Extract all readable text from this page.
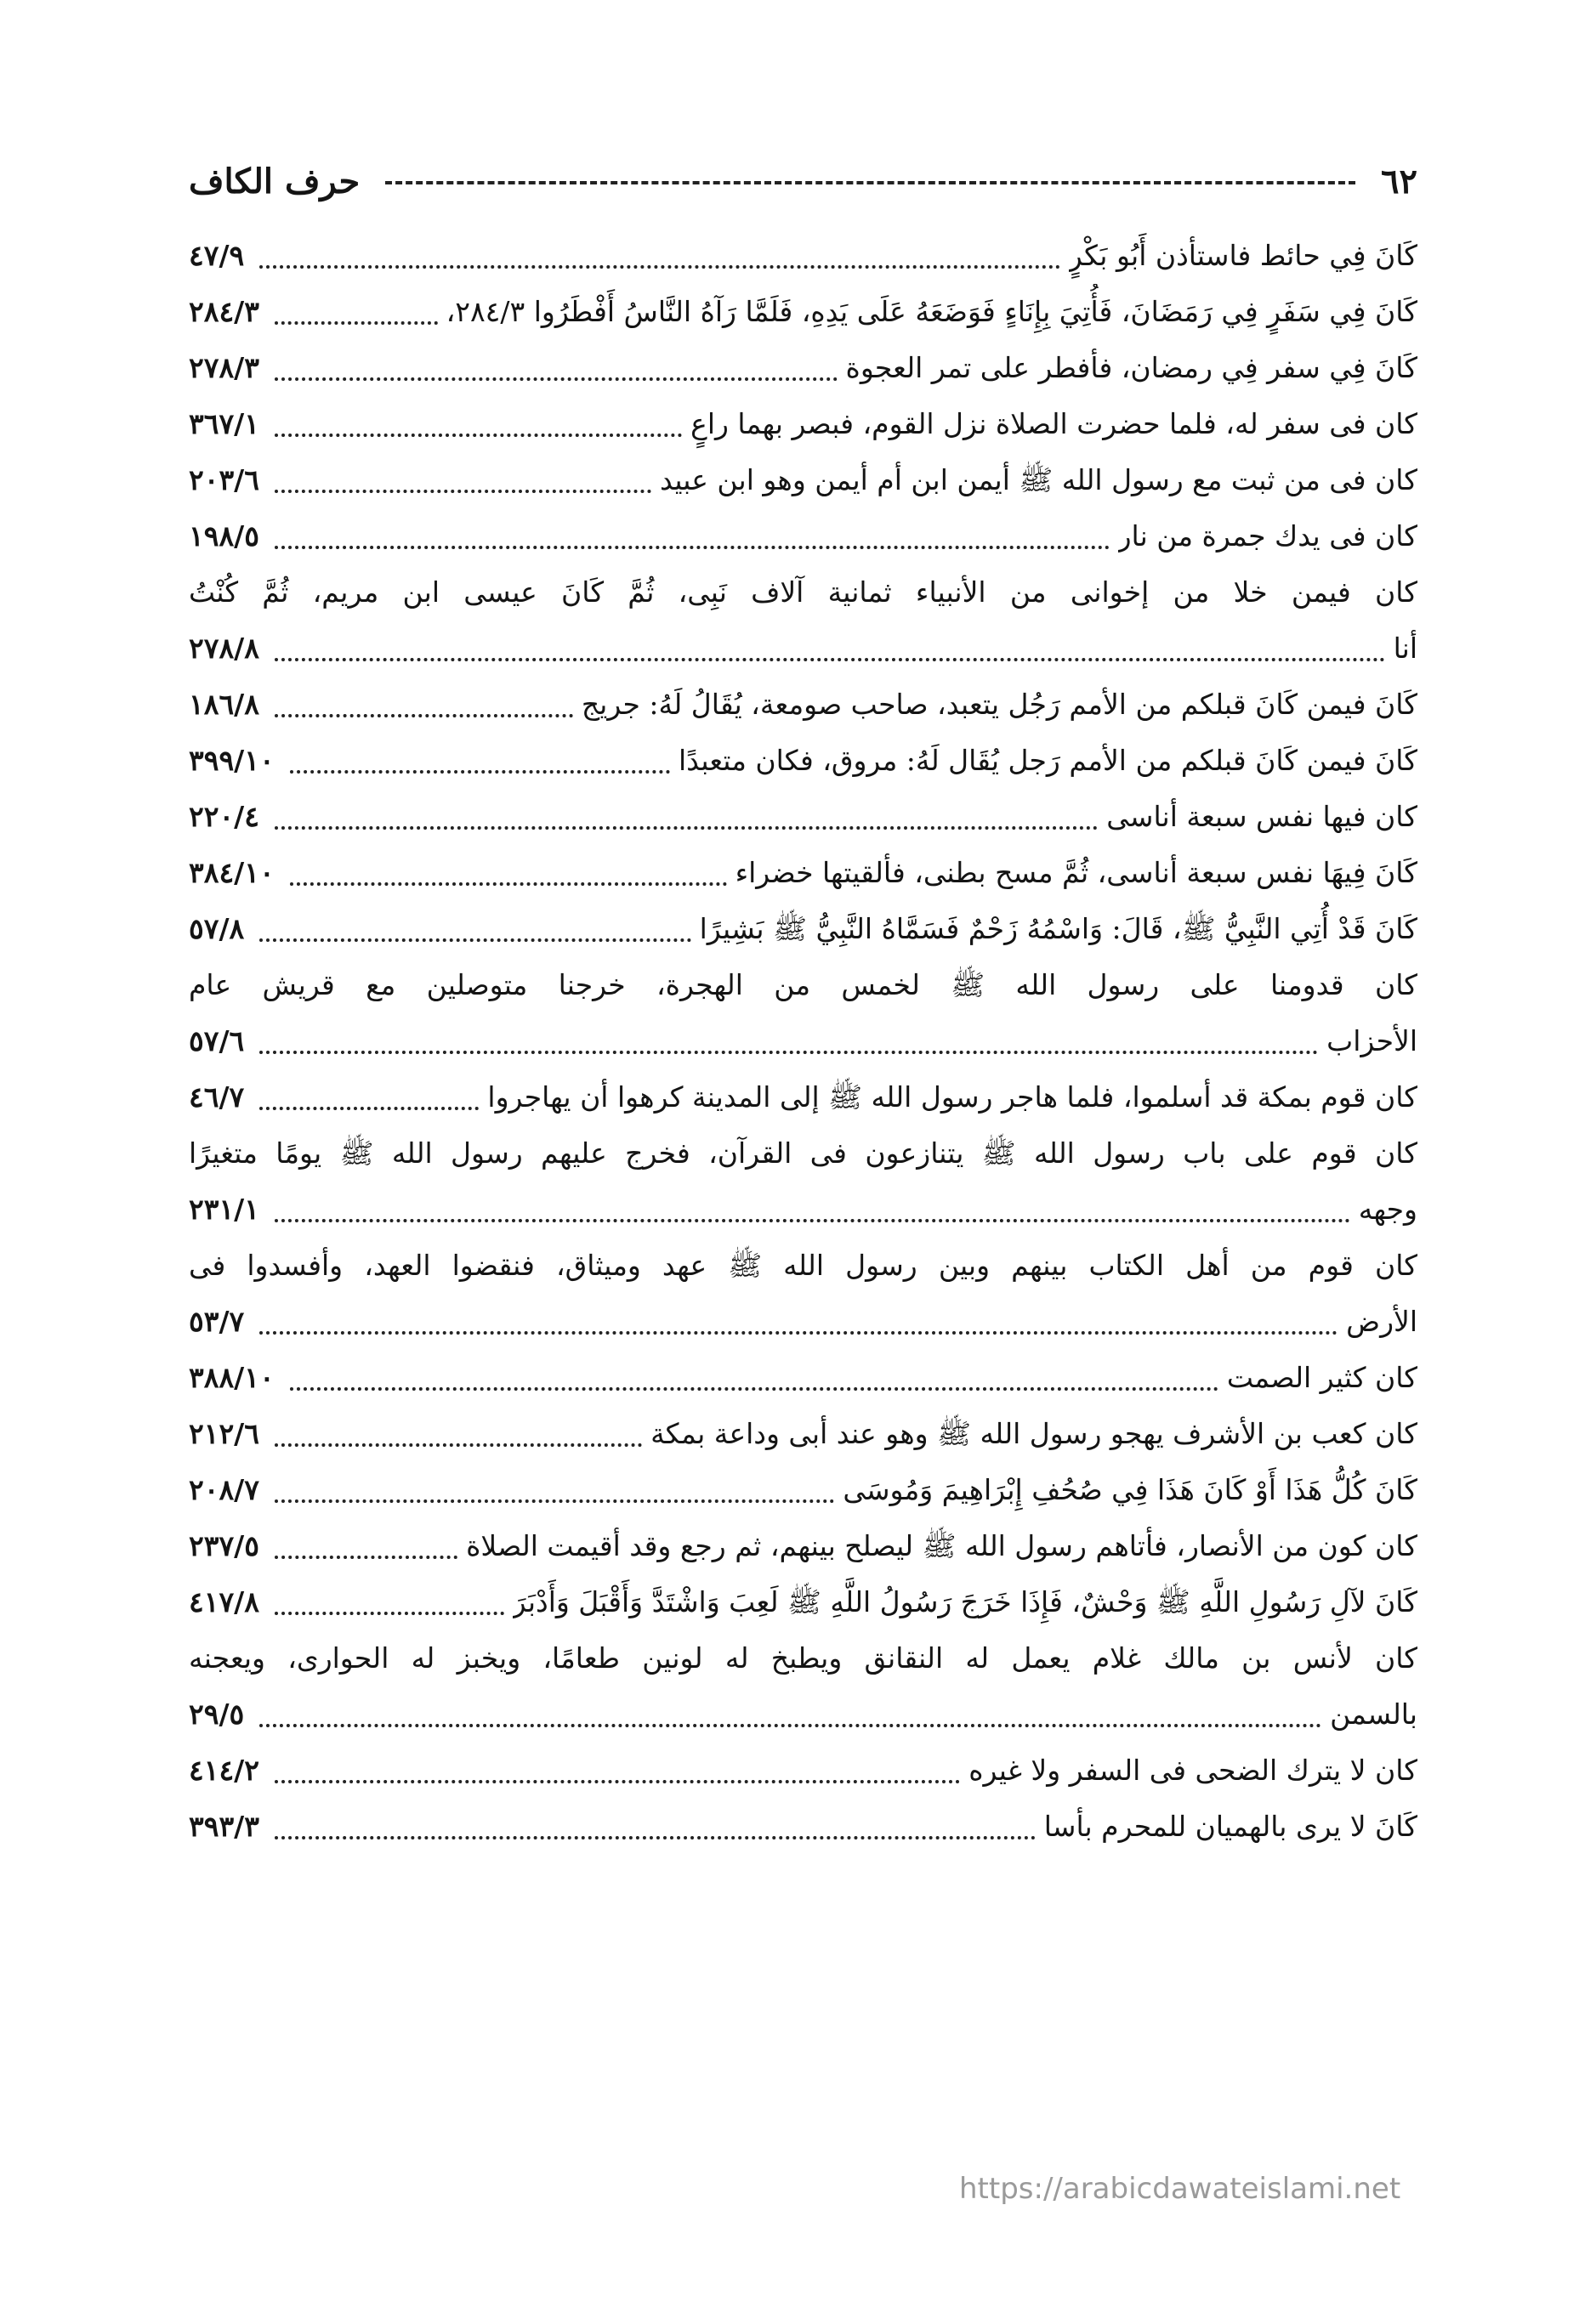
٦٢
حرف الكاف
كَانَ فِي حائط فاستأذن أَبُو بَكْرٍ
٤٧/٩
كَانَ فِي سَفَرٍ فِي رَمَضَانَ، فَأُتِيَ بِإِنَاءٍ فَوَضَعَهُ عَلَى يَدِهِ، فَلَمَّا رَآهُ النَّاسُ أَفْطَرُوا ٢٨٤/٣،
٢٨٤/٣
كَانَ فِي سفر فِي رمضان، فأفطر على تمر العجوة
٢٧٨/٣
كان فى سفر له، فلما حضرت الصلاة نزل القوم، فبصر بهما راعٍ
٣٦٧/١
كان فى من ثبت مع رسول الله ﷺ أيمن ابن أم أيمن وهو ابن عبيد
٢٠٣/٦
كان فى يدك جمرة من نار
١٩٨/٥
كان فيمن خلا من إخوانى من الأنبياء ثمانية آلاف نَبِى، ثُمَّ كَانَ عيسى ابن مريم، ثُمَّ كُنْتُ
أنا
٢٧٨/٨
كَانَ فيمن كَانَ قبلكم من الأمم رَجُل يتعبد، صاحب صومعة، يُقَالُ لَهُ: جريج
١٨٦/٨
كَانَ فيمن كَانَ قبلكم من الأمم رَجل يُقَال لَهُ: مروق، فكان متعبدًا
٣٩٩/١٠
كان فيها نفس سبعة أناسى
٢٢٠/٤
كَانَ فِيهَا نفس سبعة أناسى، ثُمَّ مسح بطنى، فألقيتها خضراء
٣٨٤/١٠
كَانَ قَدْ أُتِي النَّبِيُّ ﷺ، قَالَ: وَاسْمُهُ زَحْمٌ فَسَمَّاهُ النَّبِيُّ ﷺ بَشِيرًا
٥٧/٨
كان قدومنا على رسول الله ﷺ لخمس من الهجرة، خرجنا متوصلين مع قريش عام
الأحزاب
٥٧/٦
كان قوم بمكة قد أسلموا، فلما هاجر رسول الله ﷺ إلى المدينة كرهوا أن يهاجروا
٤٦/٧
كان قوم على باب رسول الله ﷺ يتنازعون فى القرآن، فخرج عليهم رسول الله ﷺ يومًا متغيرًا
وجهه
٢٣١/١
كان قوم من أهل الكتاب بينهم وبين رسول الله ﷺ عهد وميثاق، فنقضوا العهد، وأفسدوا فى
الأرض
٥٣/٧
كان كثير الصمت
٣٨٨/١٠
كان كعب بن الأشرف يهجو رسول الله ﷺ وهو عند أبى وداعة بمكة
٢١٢/٦
كَانَ كُلُّ هَذَا أَوْ كَانَ هَذَا فِي صُحُفِ إِبْرَاهِيمَ وَمُوسَى
٢٠٨/٧
كان كون من الأنصار، فأتاهم رسول الله ﷺ ليصلح بينهم، ثم رجع وقد أقيمت الصلاة
٢٣٧/٥
كَانَ لآلِ رَسُولِ اللَّهِ ﷺ وَحْشٌ، فَإِذَا خَرَجَ رَسُولُ اللَّهِ ﷺ لَعِبَ وَاشْتَدَّ وَأَقْبَلَ وَأَدْبَرَ
٤١٧/٨
كان لأنس بن مالك غلام يعمل له النقانق ويطبخ له لونين طعامًا، ويخبز له الحوارى، ويعجنه
بالسمن
٢٩/٥
كان لا يترك الضحى فى السفر ولا غيره
٤١٤/٢
كَانَ لا يرى بالهميان للمحرم بأسا
٣٩٣/٣
https://arabicdawateislami.net
